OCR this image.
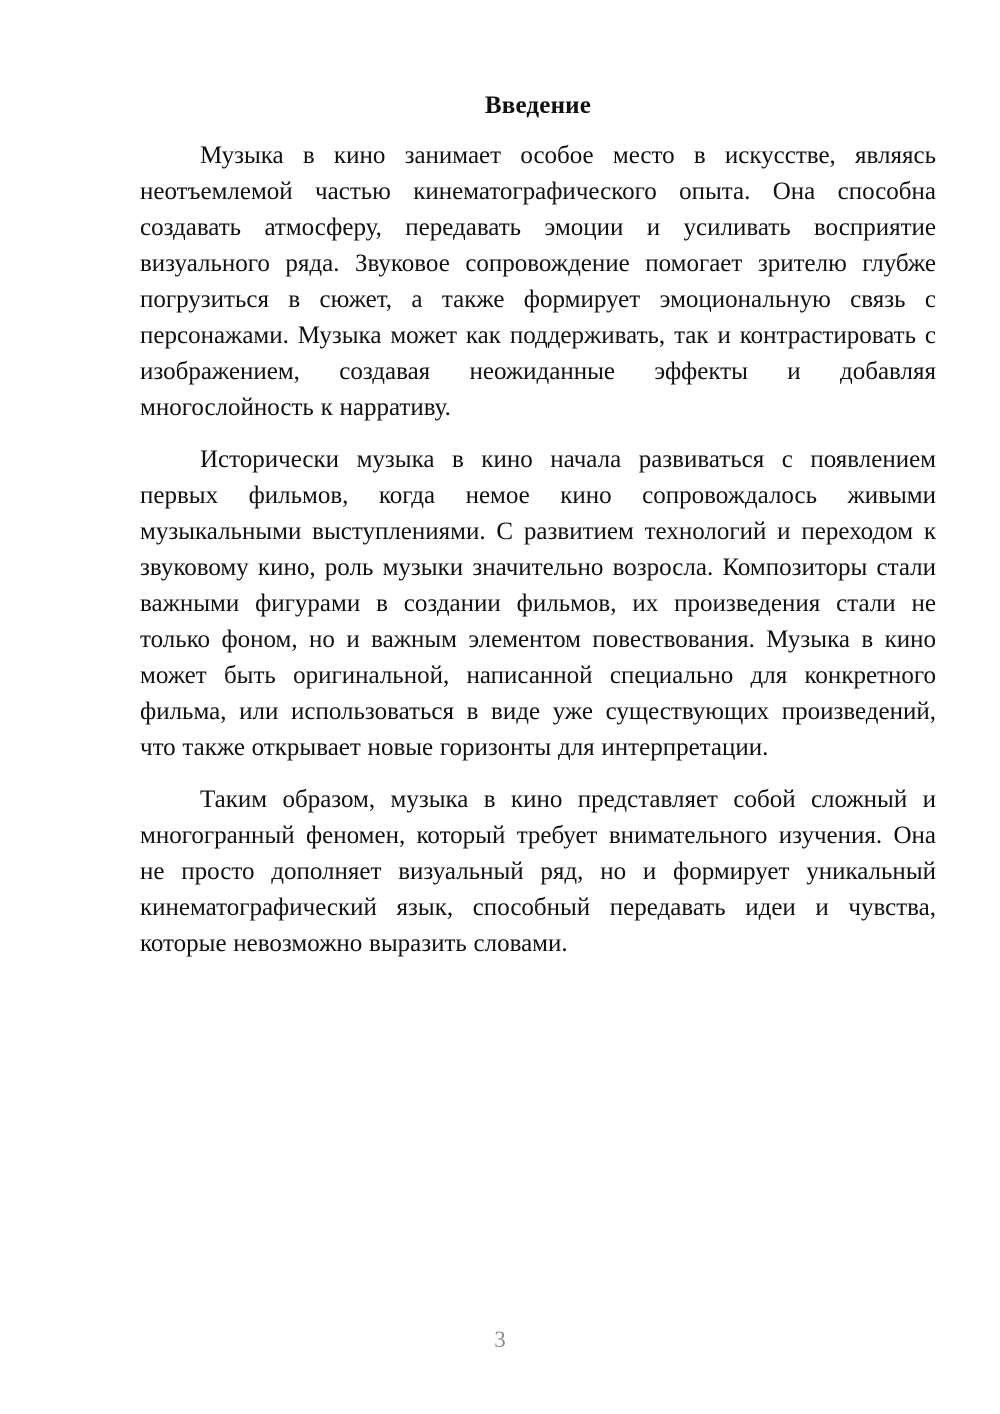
Введение

Музыка в кино занимает особое место в искусстве, являясь неотъемлемой частью кинематографического опыта. Она способна создавать атмосферу, передавать эмоции и усиливать восприятие визуального ряда. Звуковое сопровождение помогает зрителю глубже погрузиться в сюжет, а также формирует эмоциональную связь с персонажами. Музыка может как поддерживать, так и контрастировать с изображением, создавая неожиданные эффекты и добавляя многослойность к нарративу.

Исторически музыка в кино начала развиваться с появлением первых фильмов, когда немое кино сопровождалось живыми музыкальными выступлениями. С развитием технологий и переходом к звуковому кино, роль музыки значительно возросла. Композиторы стали важными фигурами в создании фильмов, их произведения стали не только фоном, но и важным элементом повествования. Музыка в кино может быть оригинальной, написанной специально для конкретного фильма, или использоваться в виде уже существующих произведений, что также открывает новые горизонты для интерпретации.

Таким образом, музыка в кино представляет собой сложный и многогранный феномен, который требует внимательного изучения. Она не просто дополняет визуальный ряд, но и формирует уникальный кинематографический язык, способный передавать идеи и чувства, которые невозможно выразить словами.

3
